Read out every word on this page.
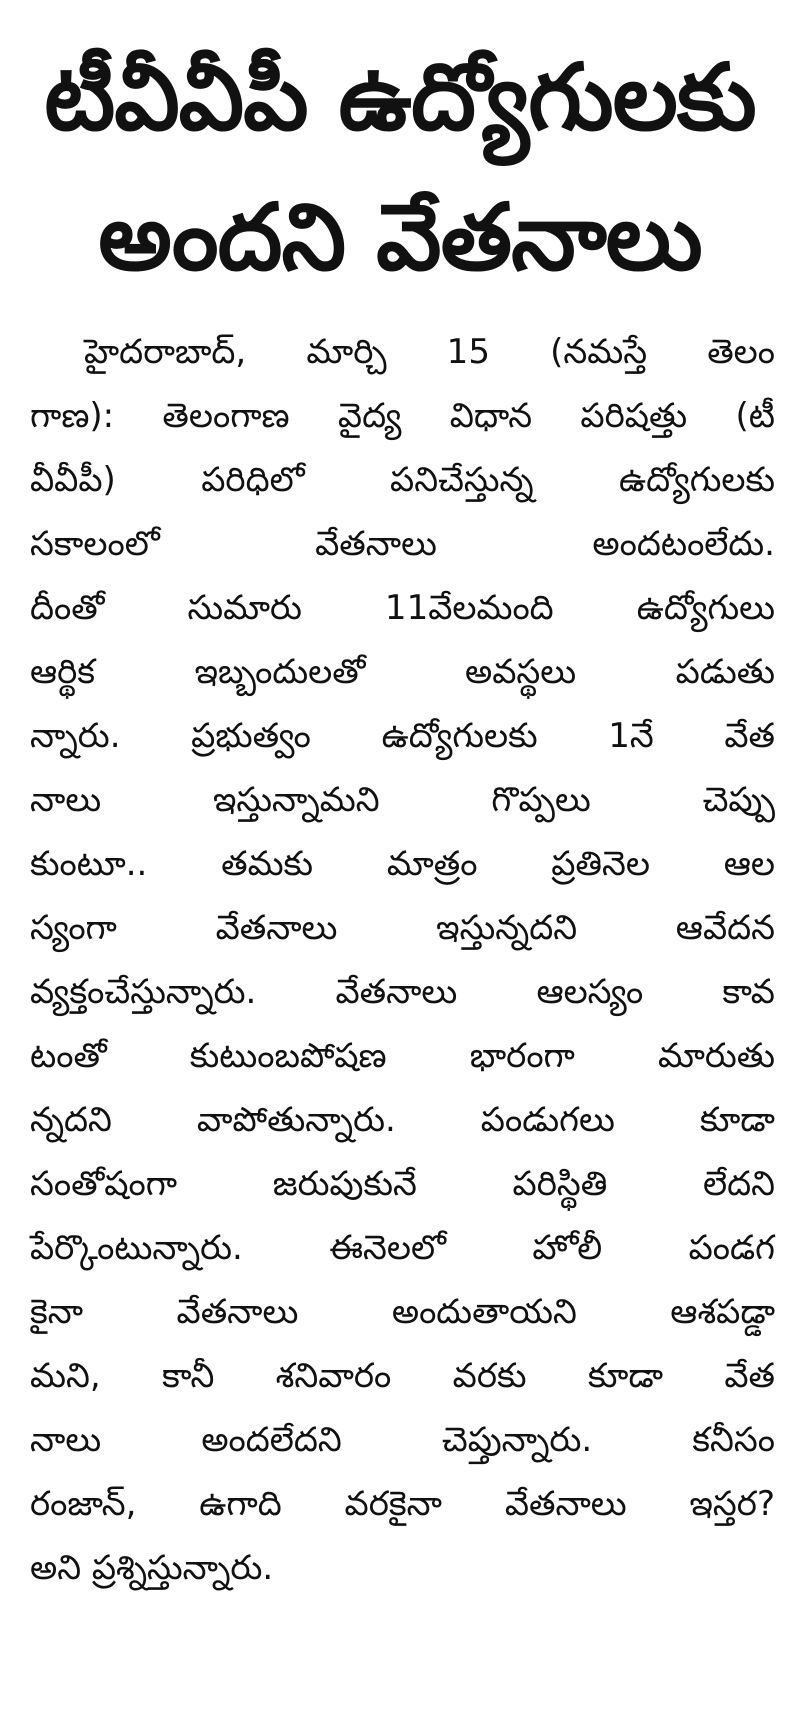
టీవీవీపీ ఉద్యోగులకు
అందని వేతనాలు
హైదరాబాద్, మార్చి 15 (నమస్తే తెలం
గాణ): తెలంగాణ వైద్య విధాన పరిషత్తు (టీ
వీవీపీ) పరిధిలో పనిచేస్తున్న ఉద్యోగులకు
సకాలంలో వేతనాలు అందటంలేదు.
దీంతో సుమారు 11వేలమంది ఉద్యోగులు
ఆర్థిక ఇబ్బందులతో అవస్థలు పడుతు
న్నారు. ప్రభుత్వం ఉద్యోగులకు 1నే వేత
నాలు ఇస్తున్నామని గొప్పలు చెప్పు
కుంటూ.. తమకు మాత్రం ప్రతినెల ఆల
స్యంగా వేతనాలు ఇస్తున్నదని ఆవేదన
వ్యక్తంచేస్తున్నారు. వేతనాలు ఆలస్యం కావ
టంతో కుటుంబపోషణ భారంగా మారుతు
న్నదని వాపోతున్నారు. పండుగలు కూడా
సంతోషంగా జరుపుకునే పరిస్థితి లేదని
పేర్కొంటున్నారు. ఈనెలలో హోలీ పండగ
కైనా వేతనాలు అందుతాయని ఆశపడ్డా
మని, కానీ శనివారం వరకు కూడా వేత
నాలు అందలేదని చెప్తున్నారు. కనీసం
రంజాన్, ఉగాది వరకైనా వేతనాలు ఇస్తర?
అని ప్రశ్నిస్తున్నారు.
